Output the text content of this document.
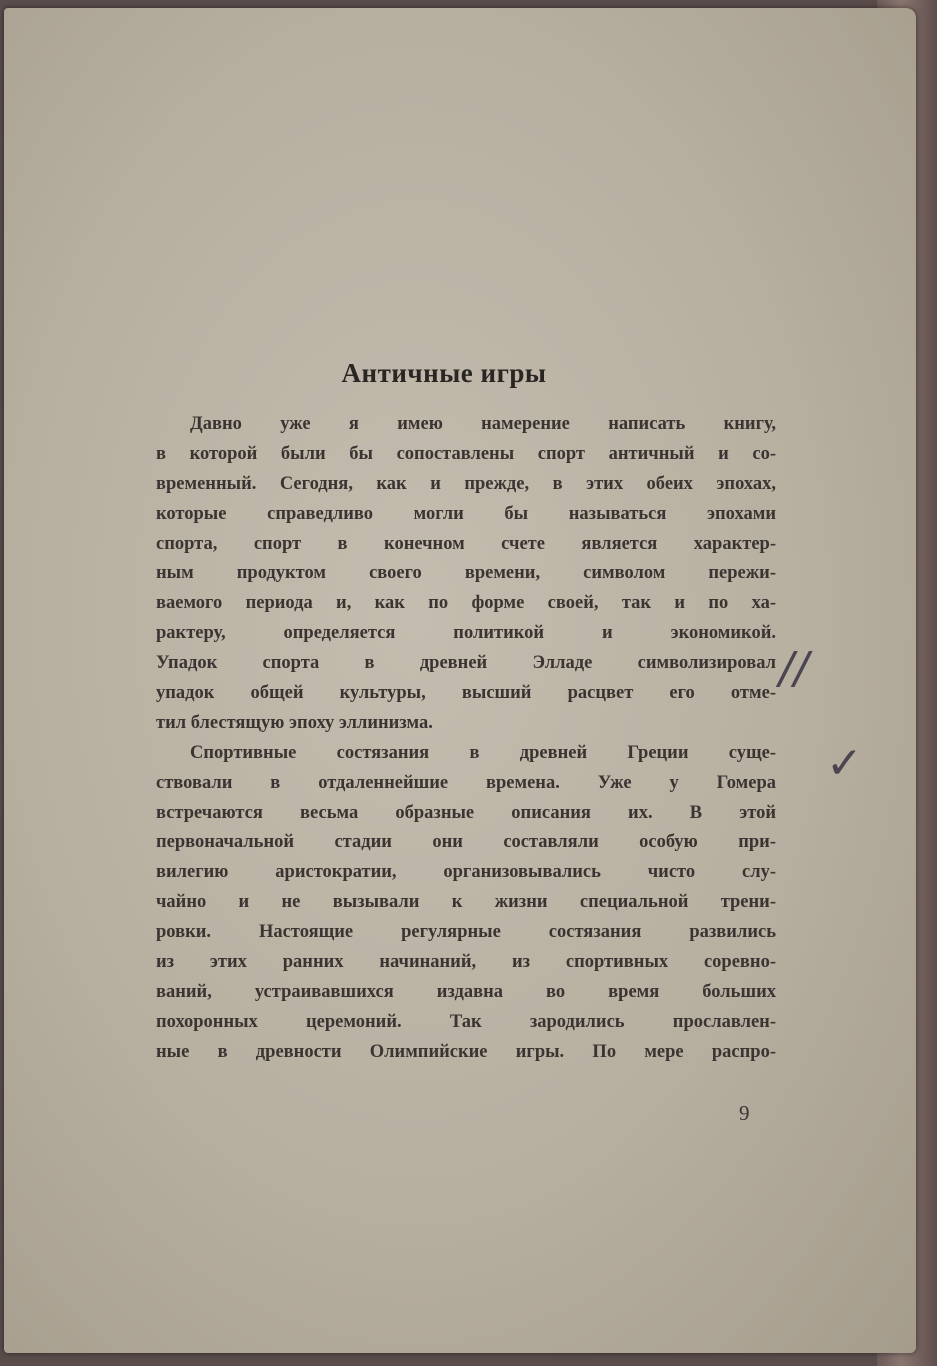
Античные игры
Давно уже я имею намерение написать книгу,
в которой были бы сопоставлены спорт античный и со-
временный. Сегодня, как и прежде, в этих обеих эпохах,
которые справедливо могли бы называться эпохами
спорта, спорт в конечном счете является характер-
ным продуктом своего времени, символом пережи-
ваемого периода и, как по форме своей, так и по ха-
рактеру, определяется политикой и экономикой.
Упадок спорта в древней Элладе символизировал
упадок общей культуры, высший расцвет его отме-
тил блестящую эпоху эллинизма.
Спортивные состязания в древней Греции суще-
ствовали в отдаленнейшие времена. Уже у Гомера
встречаются весьма образные описания их. В этой
первоначальной стадии они составляли особую при-
вилегию аристократии, организовывались чисто слу-
чайно и не вызывали к жизни специальной трени-
ровки. Настоящие регулярные состязания развились
из этих ранних начинаний, из спортивных соревно-
ваний, устраивавшихся издавна во время больших
похоронных церемоний. Так зародились прославлен-
ные в древности Олимпийские игры. По мере распро-
9
//
✓
